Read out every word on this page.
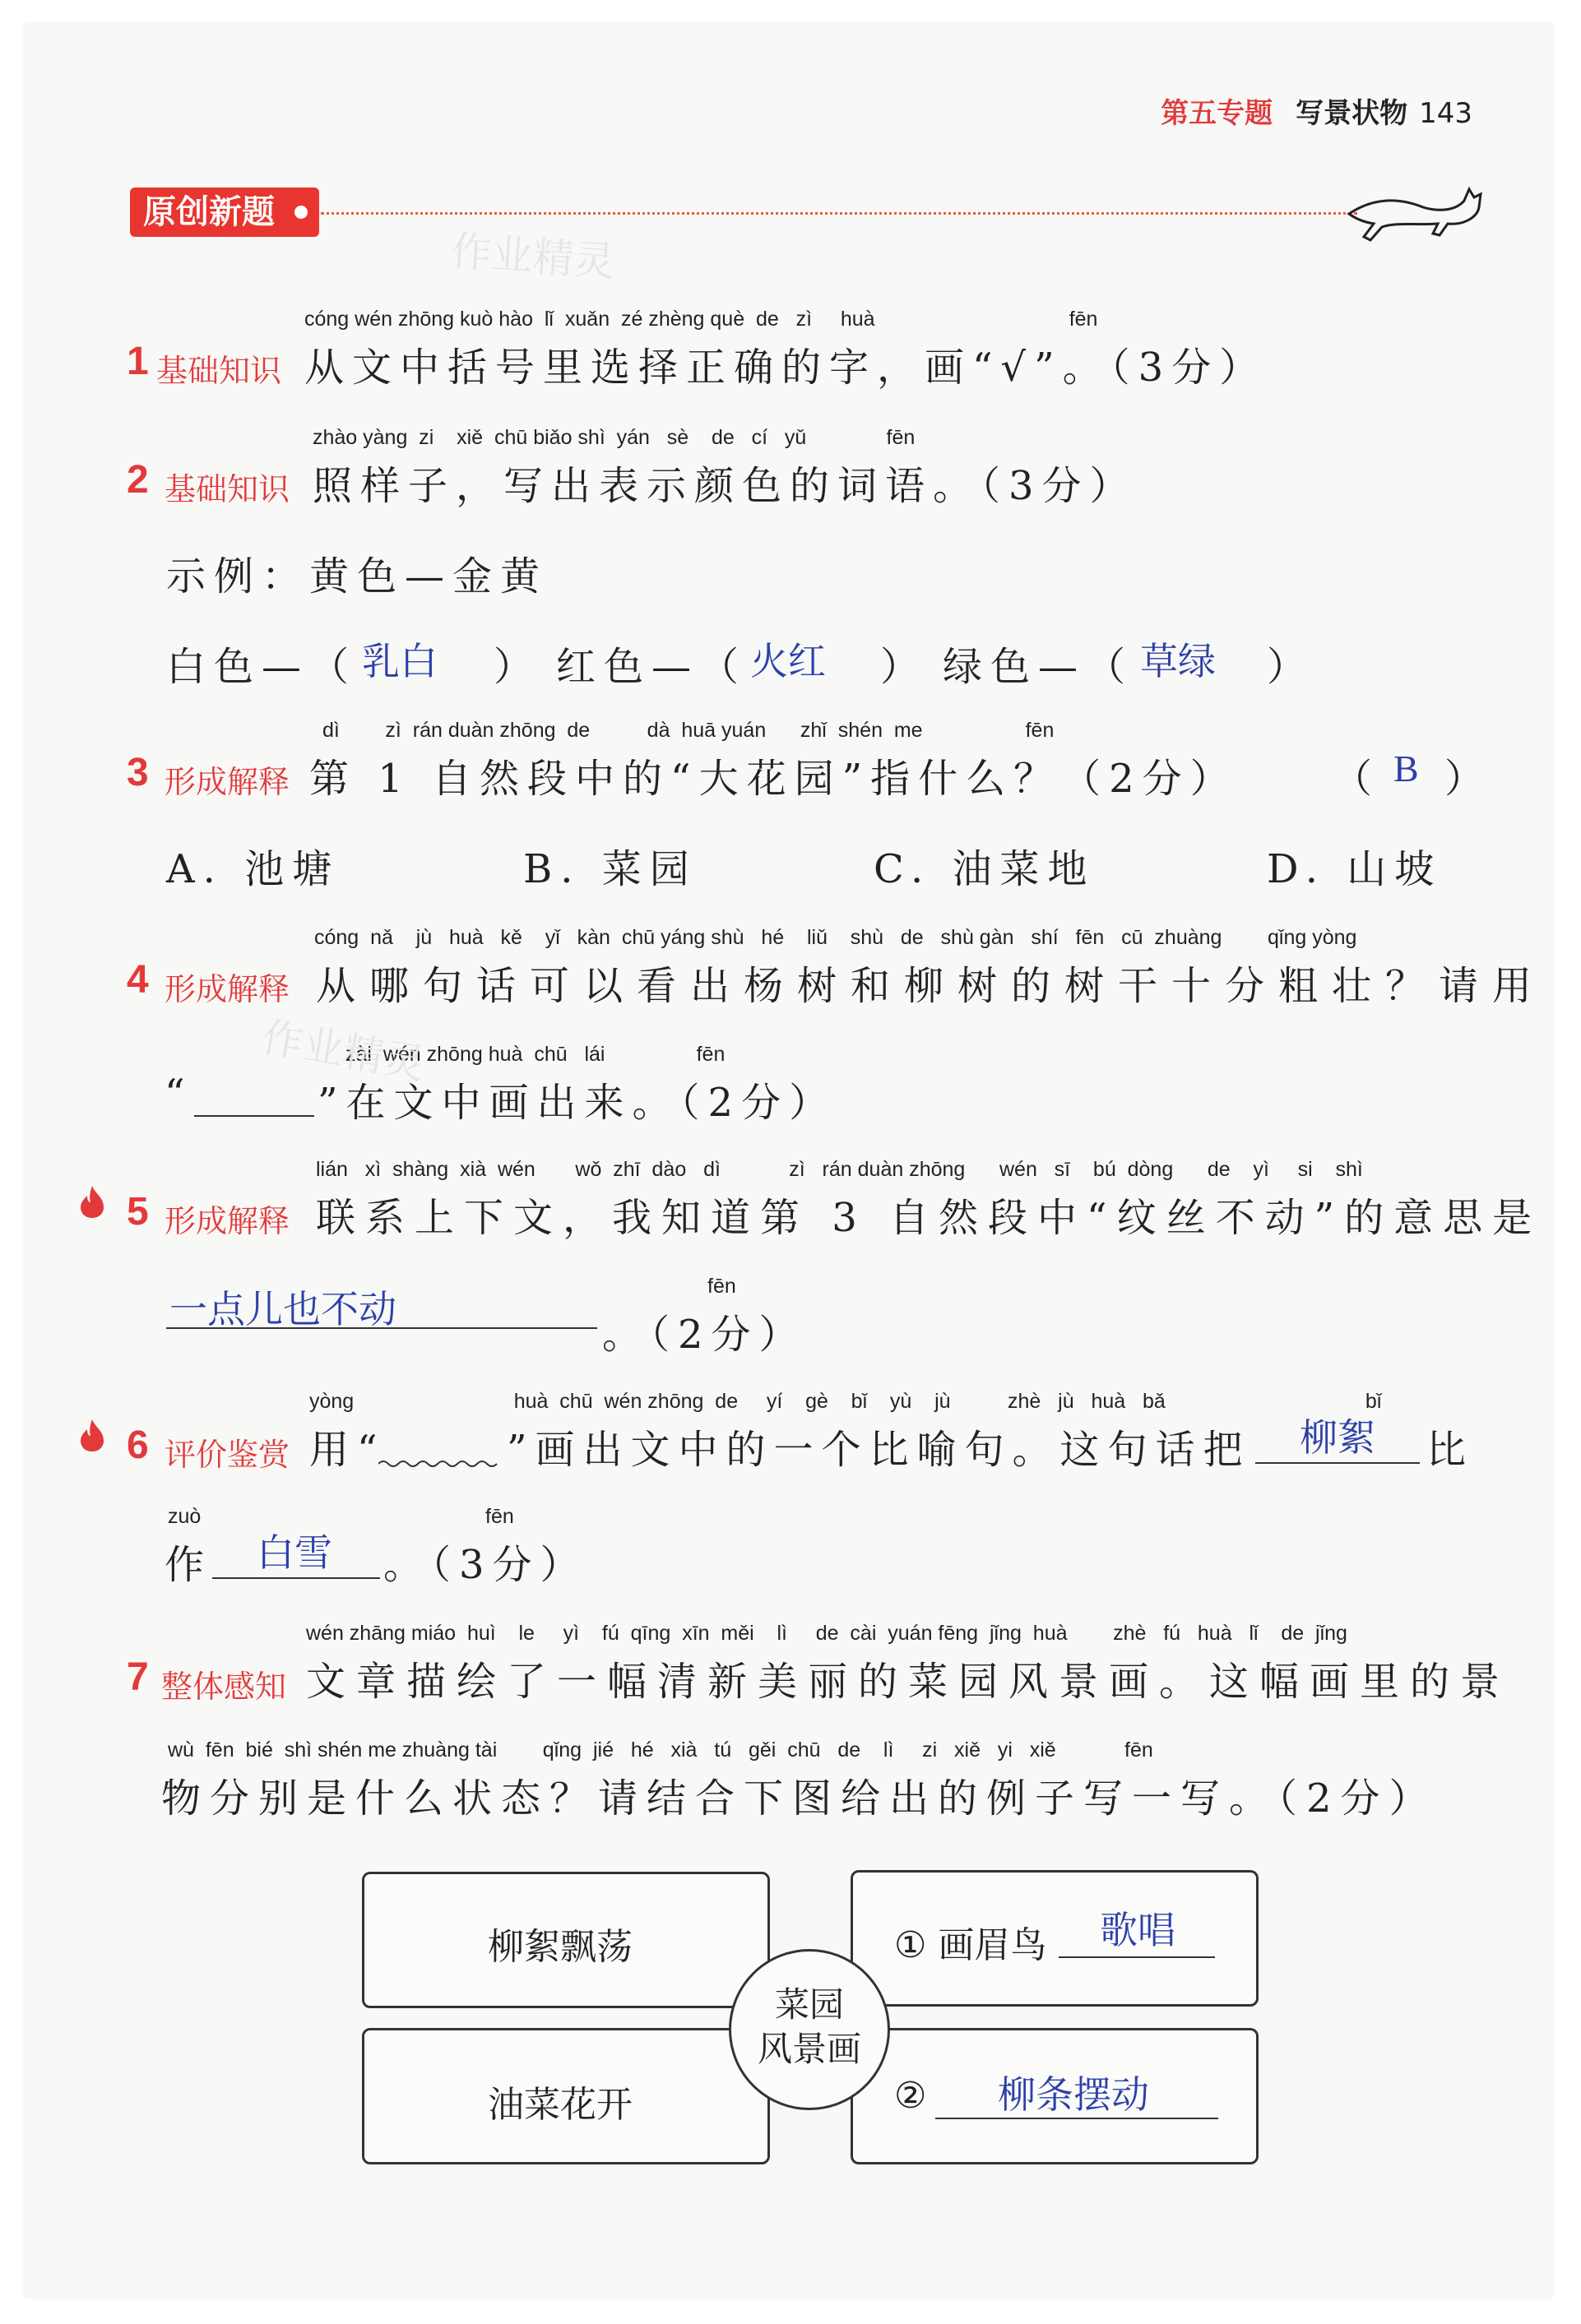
第五专题 写景状物 143
原创新题
作业精灵
1 基础知识
cóng wén zhōng kuò hào  lǐ  xuǎn  zé zhèng què  de   zì     huà                                  fēn
从文中括号里选择正确的字，画“√”。（3分）
2 基础知识
zhào yàng  zi    xiě  chū biǎo shì  yán   sè    de   cí   yǔ              fēn
照样子，写出表示颜色的词语。（3分）
示例：黄色—金黄
白色—（ 乳白 ） 红色—（ 火红 ） 绿色—（ 草绿 ）
3 形成解释
dì        zì  rán duàn zhōng  de          dà  huā yuán      zhǐ  shén  me                  fēn
第 1 自然段中的“大花园”指什么？（2分） （ B ）
A. 池塘	B. 菜园	C. 油菜地	D. 山坡
4 形成解释
cóng  nǎ    jù   huà   kě    yǐ   kàn  chū yáng shù   hé    liǔ    shù   de   shù gàn   shí   fēn   cū  zhuàng        qǐng yòng
从哪句话可以看出杨树和柳树的树干十分粗壮？请用
zài  wén zhōng huà  chū   lái                fēn
“	”在文中画出来。（2分）
作业精灵
5 形成解释
lián   xì  shàng  xià  wén       wǒ  zhī  dào   dì            zì   rán duàn zhōng      wén   sī    bú  dòng      de    yì     si    shì
联系上下文，我知道第 3 自然段中“纹丝不动”的意思是
一点儿也不动
fēn
。（2分）
6 评价鉴赏
yòng                            huà  chū  wén zhōng  de     yí    gè    bǐ    yù    jù          zhè   jù   huà   bǎ                                   bǐ
用“	”画出文中的一个比喻句。这句话把 柳絮 比
zuò	fēn
作 白雪 。（3分）
7 整体感知
wén zhāng miáo  huì    le     yì    fú  qīng  xīn  měi    lì     de  cài  yuán fēng  jǐng  huà        zhè   fú   huà   lǐ    de  jǐng
文章描绘了一幅清新美丽的菜园风景画。这幅画里的景
wù  fēn  bié  shì shén me zhuàng tài        qǐng  jié   hé   xià   tú   gěi  chū   de    lì     zi   xiě   yi   xiě            fēn
物分别是什么状态？请结合下图给出的例子写一写。（2分）
柳絮飘荡
油菜花开
① 画眉鸟 歌唱
② 柳条摆动
菜园
风景画
